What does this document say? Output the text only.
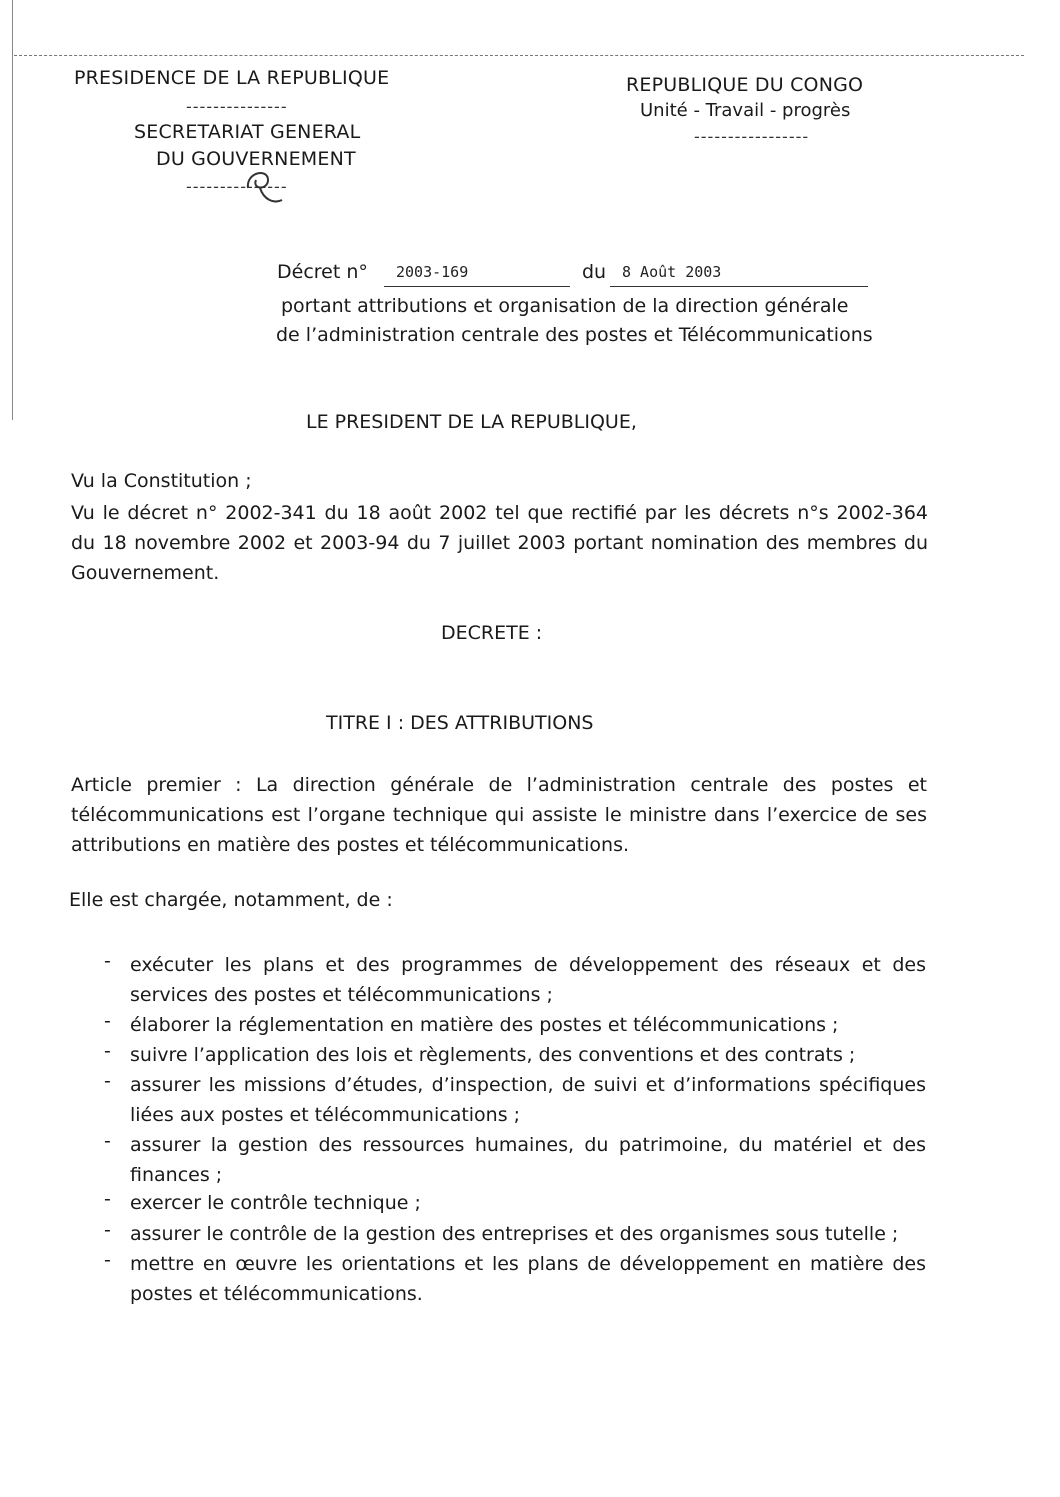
PRESIDENCE DE LA REPUBLIQUE
---------------
SECRETARIAT GENERAL
DU GOUVERNEMENT
---------------
REPUBLIQUE DU CONGO
Unité - Travail - progrès
-----------------
Décret n° 2003-169	du 8 Août 2003
portant attributions et organisation de la direction générale
de l’administration centrale des postes et Télécommunications
LE PRESIDENT DE LA REPUBLIQUE,
Vu la Constitution ;
Vu le décret n° 2002-341 du 18 août 2002 tel que rectifié par les décrets n°s 2002-364 du 18 novembre 2002 et 2003-94 du 7 juillet 2003 portant nomination des membres du Gouvernement.
DECRETE :
TITRE I : DES ATTRIBUTIONS
Article premier : La direction générale de l’administration centrale des postes et télécommunications est l’organe technique qui assiste le ministre dans l’exercice de ses attributions en matière des postes et télécommunications.
Elle est chargée, notamment, de :
- exécuter les plans et des programmes de développement des réseaux et des services des postes et télécommunications ;
- élaborer la réglementation en matière des postes et télécommunications ;
- suivre l’application des lois et règlements, des conventions et des contrats ;
- assurer les missions d’études, d’inspection, de suivi et d’informations spécifiques liées aux postes et télécommunications ;
- assurer la gestion des ressources humaines, du patrimoine, du matériel et des finances ;
- exercer le contrôle technique ;
- assurer le contrôle de la gestion des entreprises et des organismes sous tutelle ;
- mettre en œuvre les orientations et les plans de développement en matière des postes et télécommunications.
